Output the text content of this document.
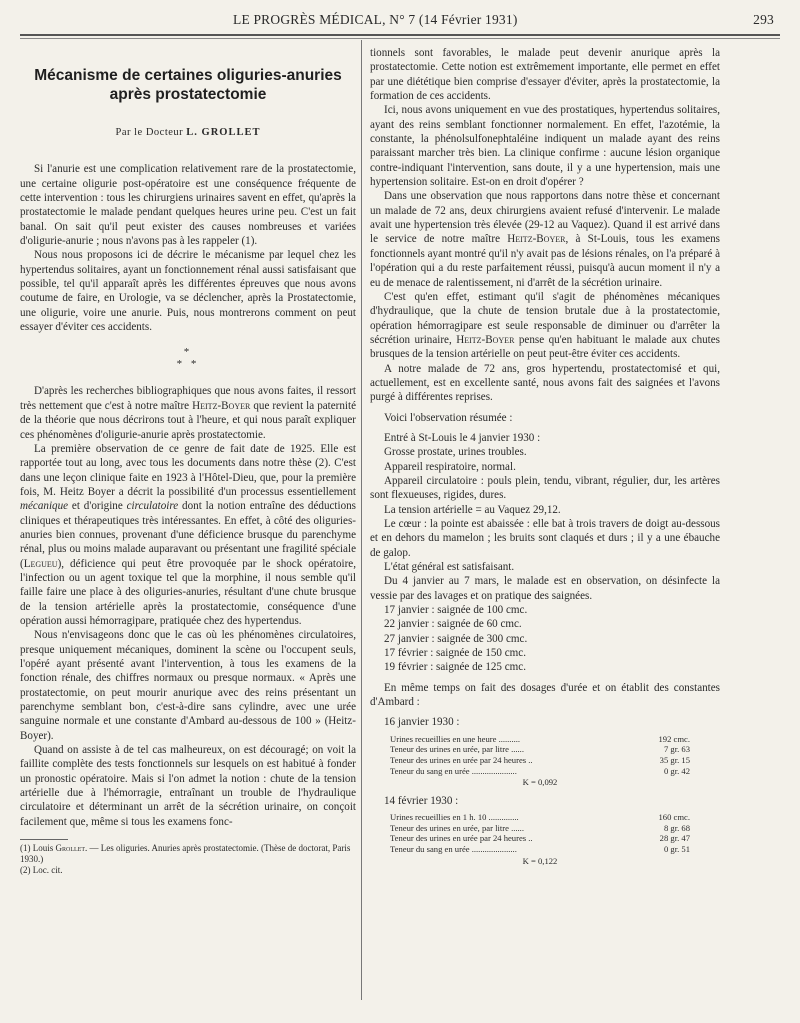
LE PROGRÈS MÉDICAL, N° 7 (14 Février 1931)	293
Mécanisme de certaines oliguries-anuries
après prostatectomie
Par le Docteur L. GROLLET

Si l'anurie est une complication relativement rare de la prostatectomie, une certaine oligurie post-opératoire est une conséquence fréquente de cette intervention : tous les chirurgiens urinaires savent en effet, qu'après la prostatectomie le malade pendant quelques heures urine peu. C'est un fait banal. On sait qu'il peut exister des causes nombreuses et variées d'oligurie-anurie ; nous n'avons pas à les rappeler (1).

Nous nous proposons ici de décrire le mécanisme par lequel chez les hypertendus solitaires, ayant un fonctionnement rénal aussi satisfaisant que possible, tel qu'il apparaît après les différentes épreuves que nous avons coutume de faire, en Urologie, va se déclencher, après la Prostatectomie, une oligurie, voire une anurie. Puis, nous montrerons comment on peut essayer d'éviter ces accidents.

*
* *

D'après les recherches bibliographiques que nous avons faites, il ressort très nettement que c'est à notre maître Heitz-Boyer que revient la paternité de la théorie que nous décrirons tout à l'heure, et qui nous paraît expliquer ces phénomènes d'oligurie-anurie après prostatectomie.

La première observation de ce genre de fait date de 1925. Elle est rapportée tout au long, avec tous les documents dans notre thèse (2). C'est dans une leçon clinique faite en 1923 à l'Hôtel-Dieu, que, pour la première fois, M. Heitz Boyer a décrit la possibilité d'un processus essentiellement mécanique et d'origine circulatoire dont la notion entraîne des déductions cliniques et thérapeutiques très intéressantes. En effet, à côté des oliguries-anuries bien connues, provenant d'une déficience brusque du parenchyme rénal, plus ou moins malade auparavant ou présentant une fragilité spéciale (Legueu), déficience qui peut être provoquée par le shock opératoire, l'infection ou un agent toxique tel que la morphine, il nous semble qu'il faille faire une place à des oliguries-anuries, résultant d'une chute brusque de la tension artérielle après la prostatectomie, conséquence d'une opération aussi hémorragipare, pratiquée chez des hypertendus.

Nous n'envisageons donc que le cas où les phénomènes circulatoires, presque uniquement mécaniques, dominent la scène ou l'occupent seuls, l'opéré ayant présenté avant l'intervention, à tous les examens de la fonction rénale, des chiffres normaux ou presque normaux. « Après une prostatectomie, on peut mourir anurique avec des reins présentant un parenchyme semblant bon, c'est-à-dire sans cylindre, avec une urée sanguine normale et une constante d'Ambard au-dessous de 100 » (Heitz-Boyer).

Quand on assiste à de tel cas malheureux, on est découragé; on voit la faillite complète des tests fonctionnels sur lesquels on est habitué à fonder un pronostic opératoire. Mais si l'on admet la notion : chute de la tension artérielle due à l'hémorragie, entraînant un trouble de l'hydraulique circulatoire et déterminant un arrêt de la sécrétion urinaire, on conçoit facilement que, même si tous les examens fonc-

(1) Louis Grollet. — Les oliguries. Anuries après prostatectomie. (Thèse de doctorat, Paris 1930.)
(2) Loc. cit.

tionnels sont favorables, le malade peut devenir anurique après la prostatectomie. Cette notion est extrêmement importante, elle permet en effet par une diététique bien comprise d'essayer d'éviter, après la prostatectomie, la formation de ces accidents.

Ici, nous avons uniquement en vue des prostatiques, hypertendus solitaires, ayant des reins semblant fonctionner normalement. En effet, l'azotémie, la constante, la phénolsulfonephtaléine indiquent un malade ayant des reins paraissant marcher très bien. La clinique confirme : aucune lésion organique contre-indiquant l'intervention, sans doute, il y a une hypertension, mais une hypertension solitaire. Est-on en droit d'opérer ?

Dans une observation que nous rapportons dans notre thèse et concernant un malade de 72 ans, deux chirurgiens avaient refusé d'intervenir. Le malade avait une hypertension très élevée (29-12 au Vaquez). Quand il est arrivé dans le service de notre maître Heitz-Boyer, à St-Louis, tous les examens fonctionnels ayant montré qu'il n'y avait pas de lésions rénales, on l'a préparé à l'opération qui a du reste parfaitement réussi, puisqu'à aucun moment il n'y a eu de menace de ralentissement, ni d'arrêt de la sécrétion urinaire.

C'est qu'en effet, estimant qu'il s'agit de phénomènes mécaniques d'hydraulique, que la chute de tension brutale due à la prostatectomie, opération hémorragipare est seule responsable de diminuer ou d'arrêter la sécrétion urinaire, Heitz-Boyer pense qu'en habituant le malade aux chutes brusques de la tension artérielle on peut peut-être éviter ces accidents.

A notre malade de 72 ans, gros hypertendu, prostatectomisé et qui, actuellement, est en excellente santé, nous avons fait des saignées et l'avons purgé à différentes reprises.

Voici l'observation résumée :

Entré à St-Louis le 4 janvier 1930 :

Grosse prostate, urines troubles.

Appareil respiratoire, normal.

Appareil circulatoire : pouls plein, tendu, vibrant, régulier, dur, les artères sont flexueuses, rigides, dures.

La tension artérielle = au Vaquez 29,12.

Le cœur : la pointe est abaissée : elle bat à trois travers de doigt au-dessous et en dehors du mamelon ; les bruits sont claqués et durs ; il y a une ébauche de galop.

L'état général est satisfaisant.

Du 4 janvier au 7 mars, le malade est en observation, on désinfecte la vessie par des lavages et on pratique des saignées.

17 janvier : saignée de 100 cmc.
22 janvier : saignée de 60 cmc.
27 janvier : saignée de 300 cmc.
17 février : saignée de 150 cmc.
19 février : saignée de 125 cmc.

En même temps on fait des dosages d'urée et on établit des constantes d'Ambard :

16 janvier 1930 :

Urines recueillies en une heure ..........	192 cmc.
Teneur des urines en urée, par litre ......	7 gr. 63
Teneur des urines en urée par 24 heures ..	35 gr. 15
Teneur du sang en urée .....................	0 gr. 42
K = 0,092

14 février 1930 :

Urines recueillies en 1 h. 10 ..............	160 cmc.
Teneur des urines en urée, par litre ......	8 gr. 68
Teneur des urines en urée par 24 heures ..	28 gr. 47
Teneur du sang en urée .....................	0 gr. 51
K = 0,122
